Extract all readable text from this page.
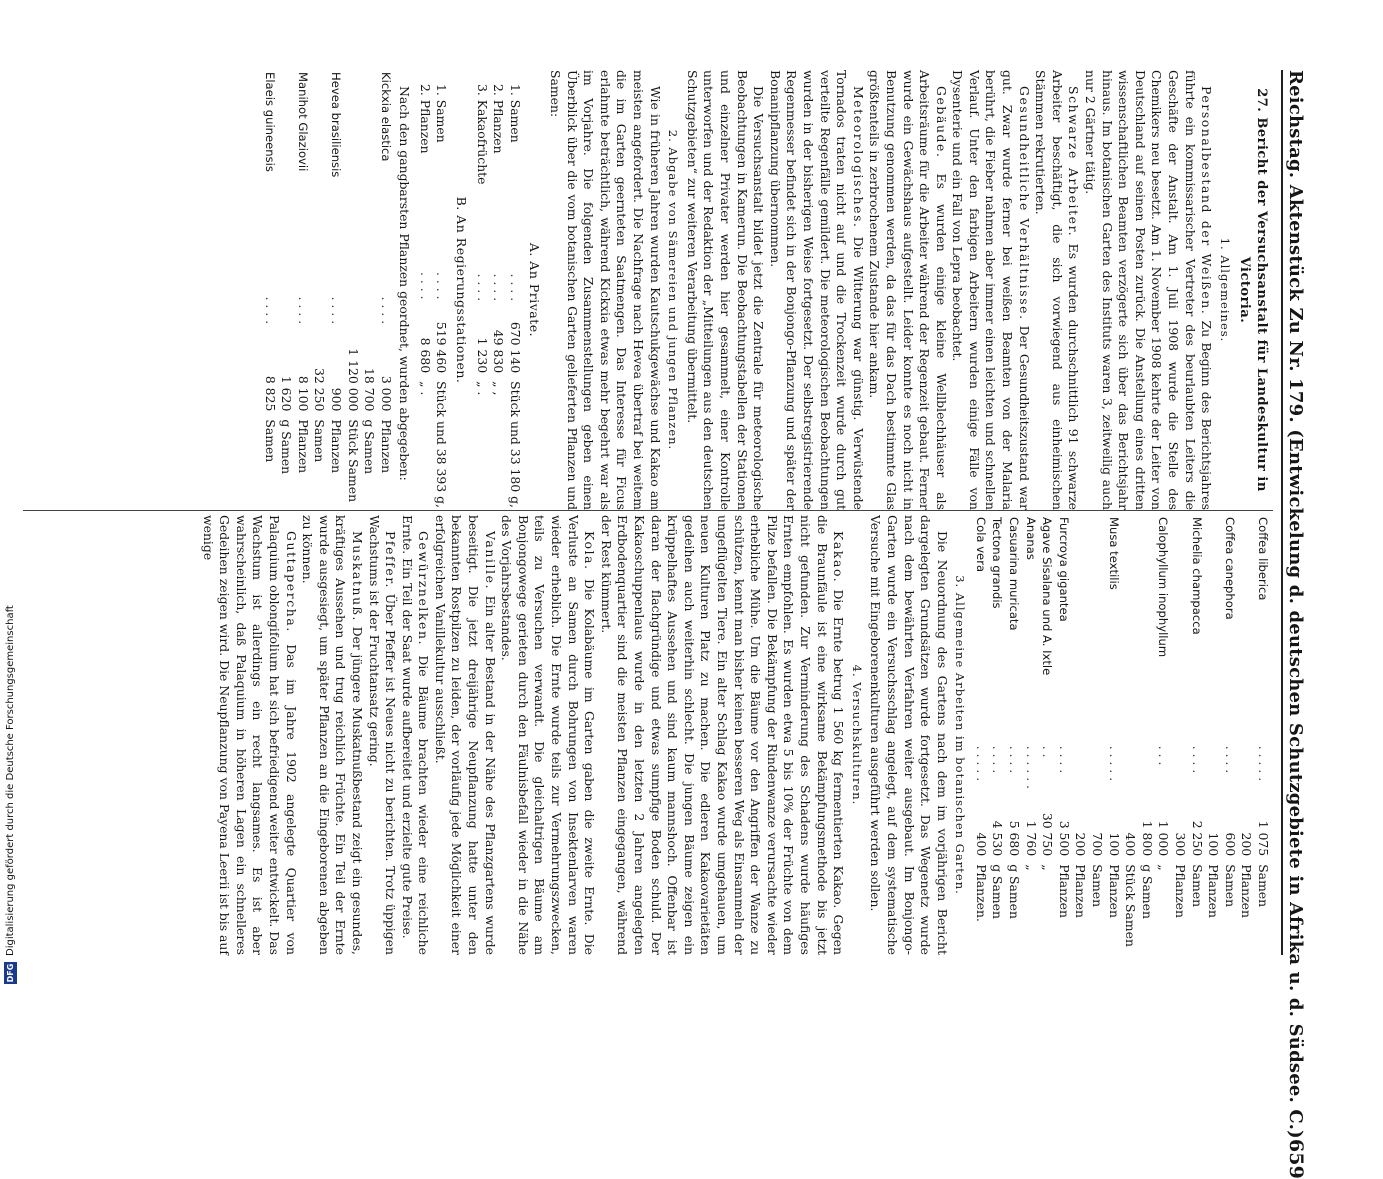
Reichstag. Aktenstück Zu Nr. 179. (Entwickelung d. deutschen Schutzgebiete in Afrika u. d. Südsee. C.)
659
27. Bericht der Versuchsanstalt für Landeskultur in Victoria.
1. Allgemeines.

Personalbestand der Weißen. Zu Beginn des Berichtsjahres führte ein kommissarischer Vertreter des beurlaubten Leiters die Geschäfte der Anstalt. Am 1. Juli 1908 wurde die Stelle des Chemikers neu besetzt. Am 1. November 1908 kehrte der Leiter von Deutschland auf seinen Posten zurück. Die Anstellung eines dritten wissenschaftlichen Beamten verzögerte sich über das Berichtsjahr hinaus. Im botanischen Garten des Instituts waren 3, zeitweilig auch nur 2 Gärtner tätig.

Schwarze Arbeiter. Es wurden durchschnittlich 91 schwarze Arbeiter beschäftigt, die sich vorwiegend aus einheimischen Stämmen rekrutierten.

Gesundheitliche Verhältnisse. Der Gesundheitszustand war gut. Zwar wurde ferner bei weißen Beamten von der Malaria berührt, die Fieber nahmen aber immer einen leichten und schnellen Verlauf. Unter den farbigen Arbeitern wurden einige Fälle von Dysenterie und ein Fall von Lepra beobachtet.

Gebäude. Es wurden einige kleine Wellblechhäuser als Arbeitsräume für die Arbeiter während der Regenzeit gebaut. Ferner wurde ein Gewächshaus aufgestellt. Leider konnte es noch nicht in Benutzung genommen werden, da das für das Dach bestimmte Glas größtenteils in zerbrochenem Zustande hier ankam.

Meteorologisches. Die Witterung war günstig. Verwüstende Tornados traten nicht auf und die Trockenzeit wurde durch gut verteilte Regenfälle gemildert. Die meteorologischen Beobachtungen wurden in der bisherigen Weise fortgesetzt. Der selbstregistrierende Regenmesser befindet sich in der Bonjongo-Pflanzung und später der Bonanipflanzung übernommen.

Die Versuchsanstalt bildet jetzt die Zentrale für meteorologische Beobachtungen in Kamerun. Die Beobachtungstabellen der Stationen und einzelner Privater werden hier gesammelt, einer Kontrolle unterworfen und der Redaktion der „Mitteilungen aus den deutschen Schutzgebieten“ zur weiteren Verarbeitung übermittelt.

2. Abgabe von Sämereien und jungen Pflanzen.

Wie in früheren Jahren wurden Kautschukgewächse und Kakao am meisten angefordert. Die Nachfrage nach Hevea übertraf bei weitem die im Garten geernteten Saatmengen. Das Interesse für Ficus erlahmte beträchtlich, während Kickxia etwas mehr begehrt war als im Vorjahre. Die folgenden Zusammenstellungen geben einen Überblick über die vom botanischen Garten gelieferten Pflanzen und Samen:

A. An Private.
1. Samen	. . . .	670 140	Stück und 33 180 g,
2. Pflanzen	. . . .	49 830	„ ,
3. Kakaofrüchte	. . . .	1 230	„ .
B. An Regierungsstationen.
1. Samen	. . . .	519 460	Stück und 38 393 g,
2. Pflanzen	. . . .	8 680	„ .

Nach den gangbarsten Pflanzen geordnet, wurden abgegeben:

Kickxia elastica	. . . .	3 000	Pflanzen
		18 700	g Samen
		1 120 000	Stück Samen
Hevea brasiliensis	. . . .	900	Pflanzen
		32 250	Samen
Manihot Glaziovii	. . . .	8 100	Pflanzen
		1 620	g Samen
Elaeis guineensis	. . . .	8 825	Samen
Coffea liberica	. . . . .	1 075	Samen
		200	Pflanzen
Coffea canephora	. . . .	600	Samen
		100	Pflanzen
Michelia champacca	. . . .	2 250	Samen
		300	Pflanzen
Calophyllum inophyllum	. . .	1 000	„
		1 800	g Samen
		400	Stück Samen
Musa textilis	. . . . .	100	Pflanzen
		700	Samen
		200	Pflanzen
Furcroya gigantea	. . . .	3 500	Pflanzen
Agave Sisalana und A. Ixtle	. .	30 750	„
Ananas	. . . . . .	1 760	„
Casuarina muricata	. . . .	5 680	g Samen
Tectona grandis	. . . .	4 530	g Samen
Cola vera	. . . . .	400	Pflanzen.
3. Allgemeine Arbeiten im botanischen Garten.

Die Neuordnung des Gartens nach dem im vorjährigen Bericht dargelegten Grundsätzen wurde fortgesetzt. Das Wegenetz wurde nach dem bewährten Verfahren weiter ausgebaut. Im Bonjongo-Garten wurde ein Versuchsschlag angelegt, auf dem systematische Versuche mit Eingeborenenkulturen ausgeführt werden sollen.

4. Versuchskulturen.

Kakao. Die Ernte betrug 1 560 kg fermentierten Kakao. Gegen die Braunfäule ist eine wirksame Bekämpfungsmethode bis jetzt nicht gefunden. Zur Verminderung des Schadens wurde häufiges Ernten empfohlen. Es wurden etwa 5 bis 10% der Früchte von dem Pilze befallen. Die Bekämpfung der Rindenwanze verursachte wieder erhebliche Mühe. Um die Bäume vor den Angriffen der Wanze zu schützen, kennt man bisher keinen besseren Weg als Einsammeln der ungeflügelten Tiere. Ein alter Schlag Kakao wurde umgehauen, um neuen Kulturen Platz zu machen. Die edleren Kakaovarietäten gedeihen auch weiterhin schlecht. Die jungen Bäume zeigen ein krüppelhaftes Aussehen und sind kaum mannshoch. Offenbar ist daran der flachgründige und etwas sumpfige Boden schuld. Der Kakaoschuppenlaus wurde in den letzten 2 Jahren angelegten Erdbodenquartier sind die meisten Pflanzen eingegangen, während der Rest kümmert.

Kola. Die Kolabäume im Garten gaben die zweite Ernte. Die Verluste an Samen durch Bohrungen von Insektenlarven waren wieder erheblich. Die Ernte wurde teils zur Vermehrungszwecken, teils zu Versuchen verwandt. Die gleichaltrigen Bäume am Bonjongowege gerieten durch den Fäulnisbefall wieder in die Nähe des Vorjahrsbestandes.

Vanille. Ein alter Bestand in der Nähe des Pflanzgartens wurde beseitigt. Die jetzt dreijährige Neupflanzung hatte unter den bekannten Rostpilzen zu leiden, der vorläufig jede Möglichkeit einer erfolgreichen Vanillekultur ausschließt.

Gewürznelken. Die Bäume brachten wieder eine reichliche Ernte. Ein Teil der Saat wurde aufbereitet und erzielte gute Preise.

Pfeffer. Über Pfeffer ist Neues nicht zu berichten. Trotz üppigen Wachstums ist der Fruchtansatz gering.

Muskatnuß. Der jüngere Muskatnußbestand zeigt ein gesundes, kräftiges Aussehen und trug reichlich Früchte. Ein Teil der Ernte wurde ausgesiegt, um später Pflanzen an die Eingeborenen abgeben zu können.

Guttapercha. Das im Jahre 1902 angelegte Quartier von Palaquium oblongifolium hat sich befriedigend weiter entwickelt. Das Wachstum ist allerdings ein recht langsames. Es ist aber wahrscheinlich, daß Palaquium in höheren Lagen ein schnelleres Gedeihen zeigen wird. Die Neupflanzung von Payena Leerii ist bis auf wenige

DFG
Digitalisierung gefördert durch die Deutsche Forschungsgemeinschaft
